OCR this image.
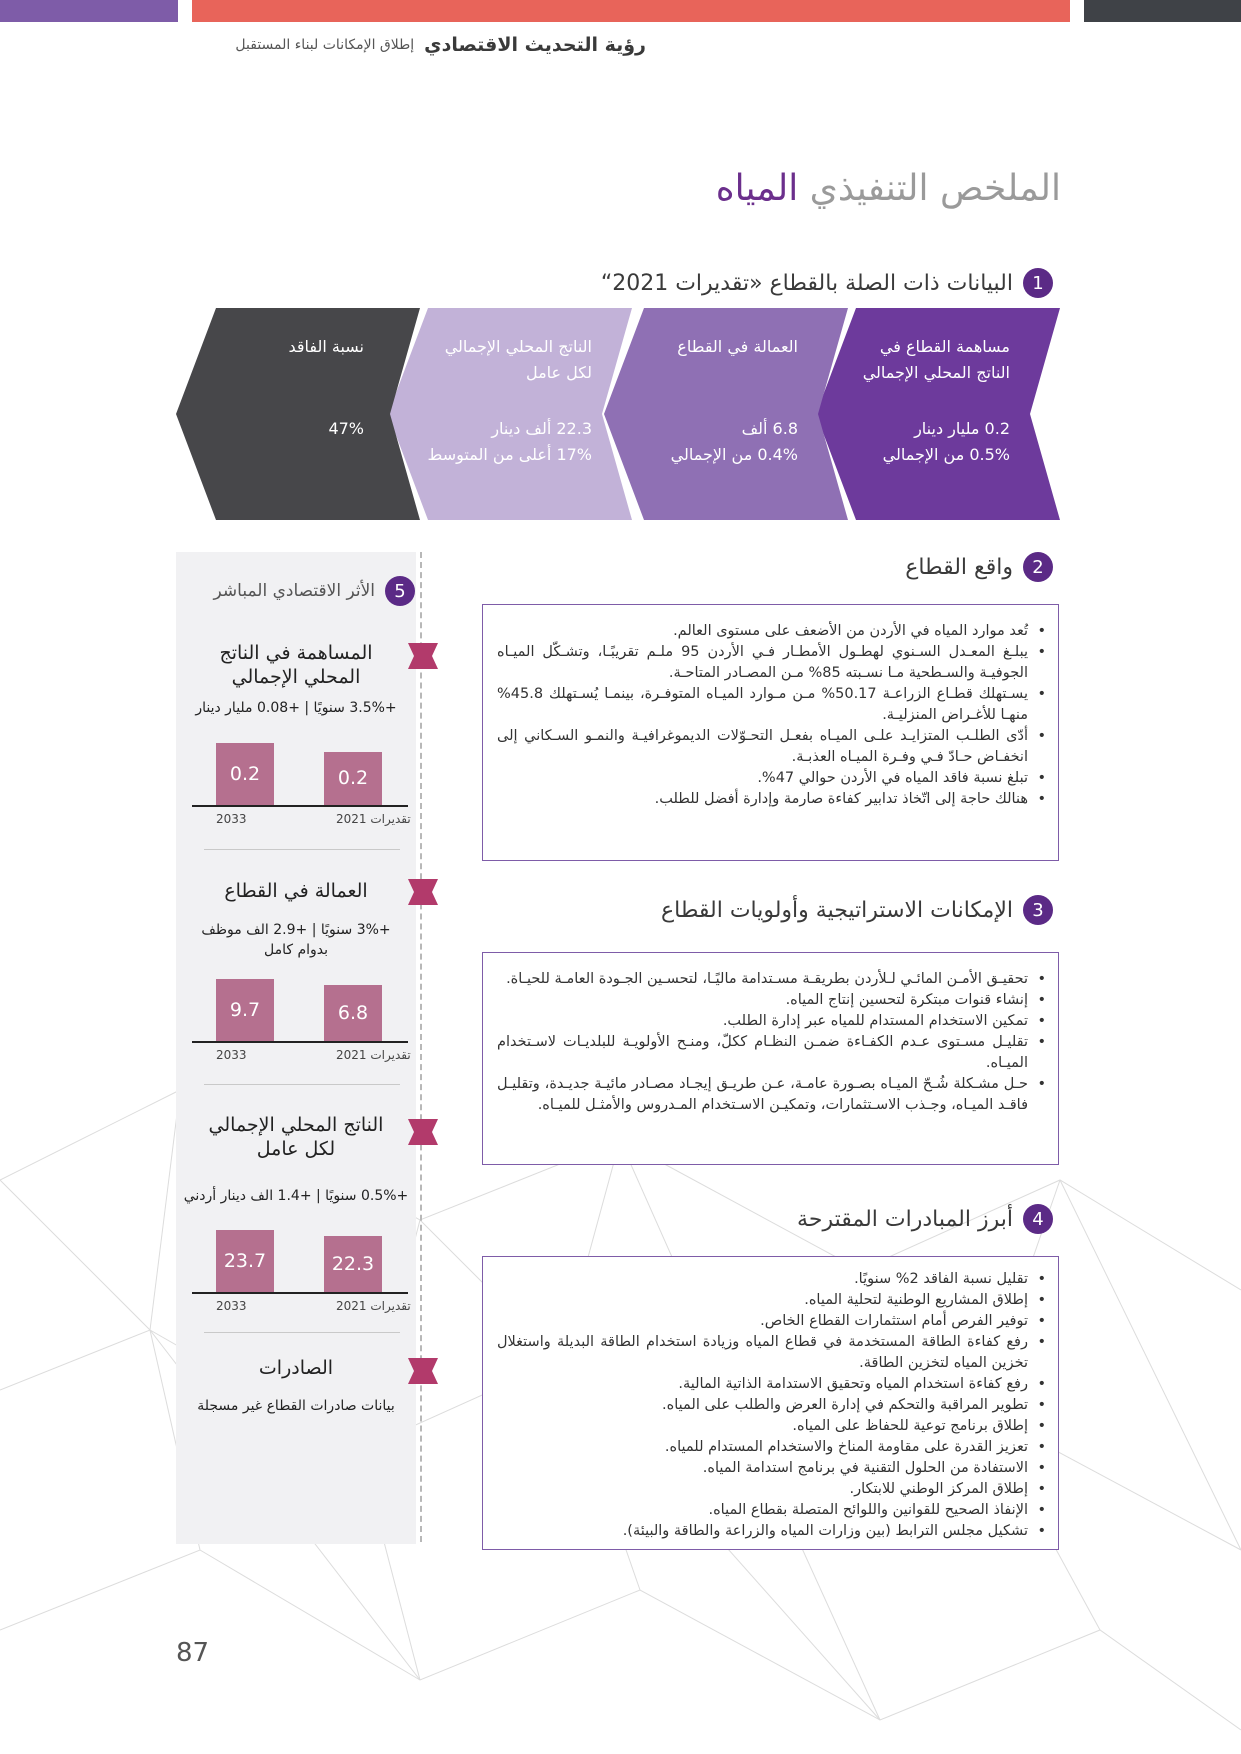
رؤية التحديث الاقتصادي
إطلاق الإمكانات لبناء المستقبل
الملخص التنفيذي المياه
1
البيانات ذات الصلة بالقطاع «تقديرات 2021“
مساهمة القطاع في
الناتج المحلي الإجمالي
0.2 مليار دينار
0.5% من الإجمالي
العمالة في القطاع
6.8 ألف
0.4% من الإجمالي
الناتج المحلي الإجمالي
لكل عامل
22.3 ألف دينار
17% أعلى من المتوسط
نسبة الفاقد
47%
5
الأثر الاقتصادي المباشر
المساهمة في الناتج
المحلي الإجمالي
+3.5% سنويًا | +0.08 مليار دينار
0.2	0.2
2033	تقديرات 2021
العمالة في القطاع
+3% سنويًا | +2.9 الف موظف بدوام كامل
9.7	6.8
2033	تقديرات 2021
الناتج المحلي الإجمالي
لكل عامل
+0.5% سنويًا | +1.4 الف دينار أردني
23.7	22.3
2033	تقديرات 2021
الصادرات
بيانات صادرات القطاع غير مسجلة
2
واقع القطاع
• تُعد موارد المياه في الأردن من الأضعف على مستوى العالم.
• يبلـغ المعـدل السـنوي لهطـول الأمطـار فـي الأردن 95 ملـم تقريبًـا، وتشـكّل الميـاه الجوفيـة والسـطحية مـا نسـبته 85% مـن المصـادر المتاحـة.
• يسـتهلك قطـاع الزراعـة 50.17% مـن مـوارد الميـاه المتوفـرة، بينمـا يُسـتهلك 45.8% منهـا للأغـراض المنزليـة.
• أدّى الطلـب المتزايـد علـى الميـاه بفعـل التحـوّلات الديموغرافيـة والنمـو السـكاني إلى انخفـاض حـادّ فـي وفـرة الميـاه العذبـة.
• تبلغ نسبة فاقد المياه في الأردن حوالي 47%.
• هنالك حاجة إلى اتّخاذ تدابير كفاءة صارمة وإدارة أفضل للطلب.
3
الإمكانات الاستراتيجية وأولويات القطاع
• تحقيـق الأمـن المائـي لـلأردن بطريقـة مسـتدامة ماليًـا، لتحسـين الجـودة العامـة للحيـاة.
• إنشاء قنوات مبتكرة لتحسين إنتاج المياه.
• تمكين الاستخدام المستدام للمياه عبر إدارة الطلب.
• تقليـل مسـتوى عـدم الكفـاءة ضمـن النظـام ككلّ، ومنـح الأولويـة للبلديـات لاسـتخدام الميـاه.
• حـل مشـكلة شُـحّ الميـاه بصـورة عامـة، عـن طريـق إيجـاد مصـادر مائيـة جديـدة، وتقليـل فاقـد الميـاه، وجـذب الاسـتثمارات، وتمكيـن الاسـتخدام المـدروس والأمثـل للميـاه.
4
أبرز المبادرات المقترحة
• تقليل نسبة الفاقد 2% سنويًا.
• إطلاق المشاريع الوطنية لتحلية المياه.
• توفير الفرص أمام استثمارات القطاع الخاص.
• رفع كفاءة الطاقة المستخدمة في قطاع المياه وزيادة استخدام الطاقة البديلة واستغلال تخزين المياه لتخزين الطاقة.
• رفع كفاءة استخدام المياه وتحقيق الاستدامة الذاتية المالية.
• تطوير المراقبة والتحكم في إدارة العرض والطلب على المياه.
• إطلاق برنامج توعية للحفاظ على المياه.
• تعزيز القدرة على مقاومة المناخ والاستخدام المستدام للمياه.
• الاستفادة من الحلول التقنية في برنامج استدامة المياه.
• إطلاق المركز الوطني للابتكار.
• الإنفاذ الصحيح للقوانين واللوائح المتصلة بقطاع المياه.
• تشكيل مجلس الترابط (بين وزارات المياه والزراعة والطاقة والبيئة).
87
